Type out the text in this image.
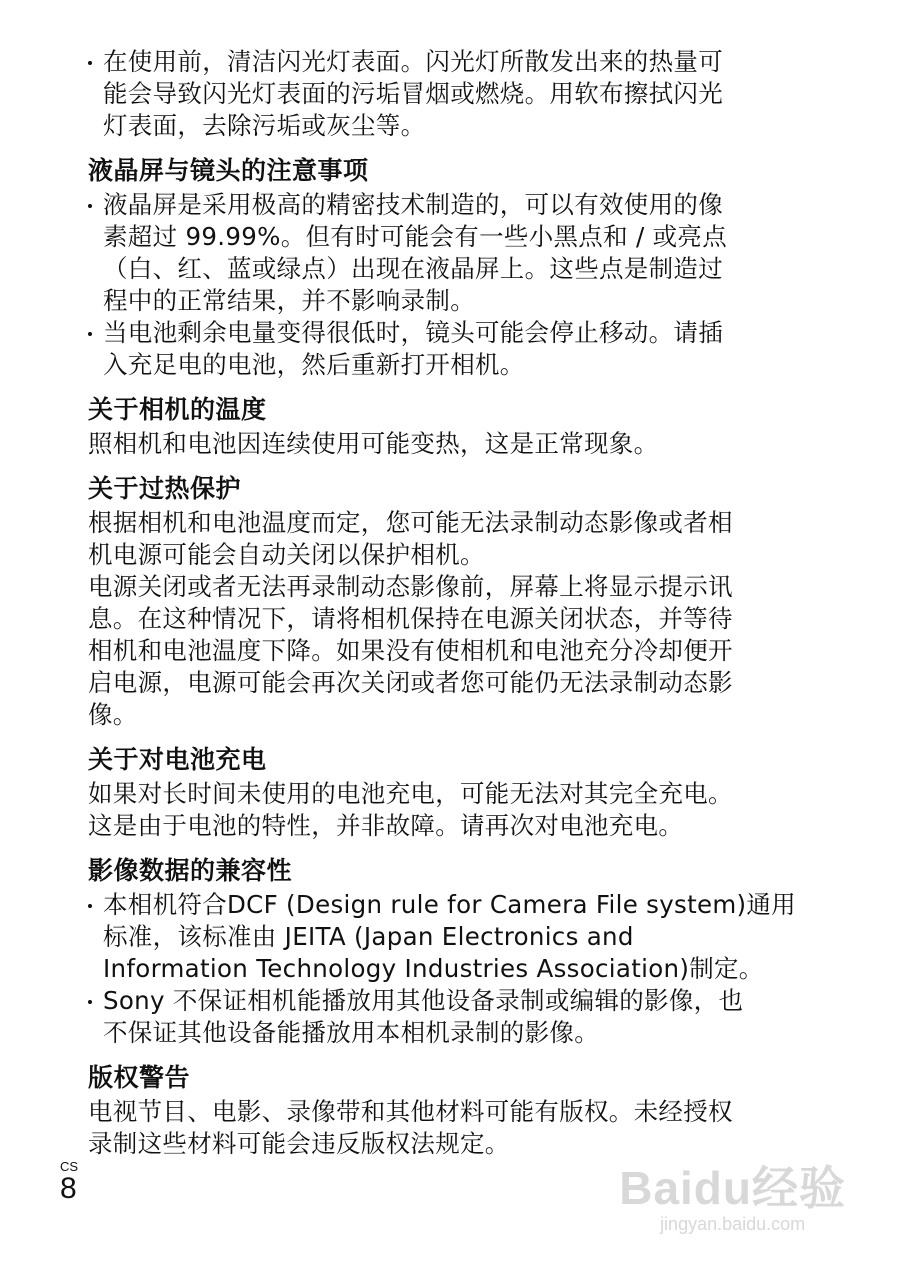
在使用前，清洁闪光灯表面。闪光灯所散发出来的热量可
能会导致闪光灯表面的污垢冒烟或燃烧。用软布擦拭闪光
灯表面，去除污垢或灰尘等。

液晶屏与镜头的注意事项

液晶屏是采用极高的精密技术制造的，可以有效使用的像
素超过 99.99%。但有时可能会有一些小黑点和 / 或亮点
（白、红、蓝或绿点）出现在液晶屏上。这些点是制造过
程中的正常结果，并不影响录制。

当电池剩余电量变得很低时，镜头可能会停止移动。请插
入充足电的电池，然后重新打开相机。

关于相机的温度

照相机和电池因连续使用可能变热，这是正常现象。

关于过热保护

根据相机和电池温度而定，您可能无法录制动态影像或者相
机电源可能会自动关闭以保护相机。

电源关闭或者无法再录制动态影像前，屏幕上将显示提示讯
息。在这种情况下，请将相机保持在电源关闭状态，并等待
相机和电池温度下降。如果没有使相机和电池充分冷却便开
启电源，电源可能会再次关闭或者您可能仍无法录制动态影
像。

关于对电池充电

如果对长时间未使用的电池充电，可能无法对其完全充电。
这是由于电池的特性，并非故障。请再次对电池充电。

影像数据的兼容性

本相机符合DCF (Design rule for Camera File system)通用
标准，该标准由 JEITA (Japan Electronics and
Information Technology Industries Association)制定。

Sony 不保证相机能播放用其他设备录制或编辑的影像，也
不保证其他设备能播放用本相机录制的影像。

版权警告

电视节目、电影、录像带和其他材料可能有版权。未经授权
录制这些材料可能会违反版权法规定。

CS
8	Baidu经验
jingyan.baidu.com
